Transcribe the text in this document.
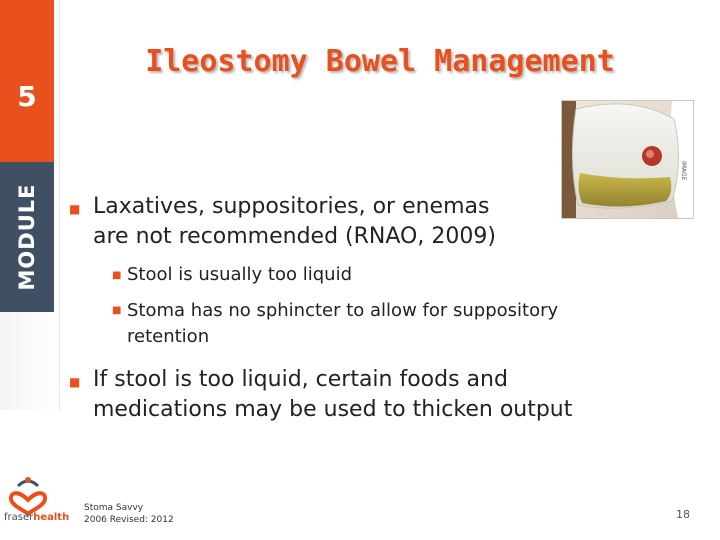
5
MODULE
Ileostomy Bowel Management
IMAGE
■ Laxatives, suppositories, or enemas
are not recommended (RNAO, 2009)
■ Stool is usually too liquid
■ Stoma has no sphincter to allow for suppository
retention
■ If stool is too liquid, certain foods and
medications may be used to thicken output
fraserhealth
Stoma Savvy
2006 Revised: 2012	18
